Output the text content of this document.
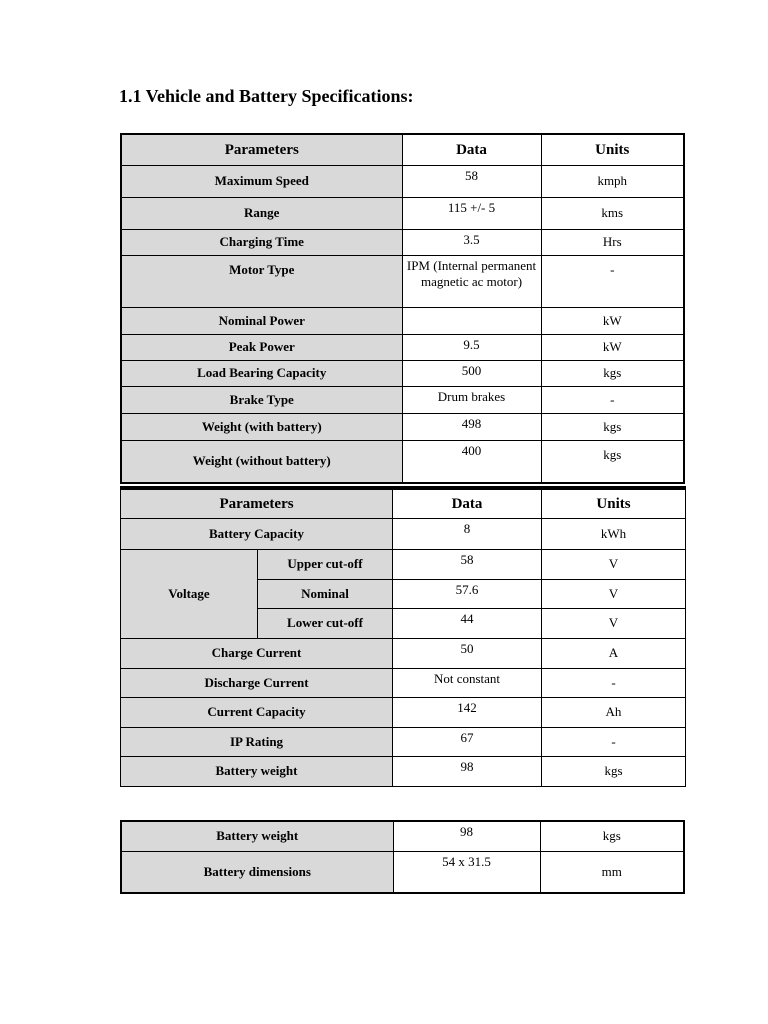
1.1 Vehicle and Battery Specifications:
Parameters	Data	Units
Maximum Speed	58	kmph
Range	115 +/- 5	kms
Charging Time	3.5	Hrs
Motor Type	IPM (Internal permanent magnetic ac motor)	-
Nominal Power		kW
Peak Power	9.5	kW
Load Bearing Capacity	500	kgs
Brake Type	Drum brakes	-
Weight (with battery)	498	kgs
Weight (without battery)	400	kgs
Parameters		Data	Units
Battery Capacity		8	kWh
Voltage	Upper cut-off	58	V
	Nominal	57.6	V
	Lower cut-off	44	V
Charge Current		50	A
Discharge Current		Not constant	-
Current Capacity		142	Ah
IP Rating		67	-
Battery weight		98	kgs
Battery weight	98	kgs
Battery dimensions	54 x 31.5	mm
